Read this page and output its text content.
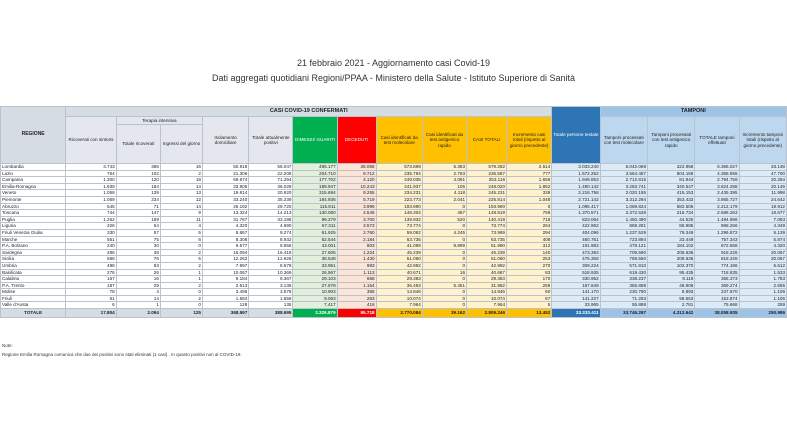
21 febbraio 2021 - Aggiornamento casi Covid-19
Dati aggregati quotidiani Regioni/PPAA - Ministero della Salute - Istituto Superiore di Sanità
REGIONE	CASI COVID-19 CONFERMATI											Totale persone testate	TAMPONI			
	Ricoverati con sintomi	Terapia intensiva		Isolamento domiciliare	Totale attualmente positivi	DIMESSI/ GUARITI	DECEDUTI	Casi identificati da test molecolare	Casi identificati da test antigenico rapido	CASI TOTALI	Incremento casi totali (rispetto al giorno precedente)		Tamponi processati con test molecolare	Tamponi processati con test antigenico rapido	TOTALE tamponi effettuati	Incremento tamponi totali (rispetto al giorno precedente)
		Totale ricoverati	Ingressi del giorno													
Lombardia	3.743	386	16	50.918	55.047	495.177	28.058	573.899	5.383	579.282	2.514	3.033.240	6.042.069	322.958	6.365.027	33.148
Lazio	764	102	2	21.306	22.208	204.710	9.712	235.794	2.793	236.587	777	1.572.252	3.564.487	804.168	4.368.655	47.700
Campania	1.300	120	18	69.874	71.294	177.702	4.120	249.035	4.081	253.116	1.656	1.948.853	2.712.815	81.944	2.794.759	20.254
Emilia-Romagna	1.939	184	14	33.905	36.028	189.947	10.243	241.937	106	248.020	1.852	1.490.142	3.283.741	340.547	3.624.288	20.149
Veneto	1.058	139	13	19.814	20.920	315.694	9.255	234.231	4.118	245.231	339	2.216.758	2.020.155	415.153	2.435.395	11.998
Piemonte	1.059	234	12	33.240	35.239	184.936	5.719	223.773	2.041	225.814	1.048	2.721.142	3.312.294	353.433	3.865.727	24.642
Abruzzo	545	71	14	26.192	29.720	115.811	3.999	193.990	0	193.990	0	1.095.417	1.069.824	582.505	2.212.179	19.912
Toscana	744	147	9	13.324	14.213	130.060	4.546	148.304	467	148.819	758	1.370.571	2.372.528	215.734	2.588.263	18.677
Puglia	1.262	169	11	31.767	33.198	99.279	3.700	139.932	520	140.419	718	823.064	1.450.490	44.525	1.494.986	7.083
Liguria	326	54	4	4.320	4.690	67.311	3.573	73.774	0	73.774	264	422.962	869.281	85.985	968.266	4.349
Friuli Venezia Giulia	330	57	5	8.867	9.274	61.925	2.760	59.062	4.245	73.969	294	404.096	1.237.529	79.349	1.296.872	5.139
Marche	551	75	6	8.306	8.932	62.544	2.184	63.735	0	63.735	408	460.761	723.894	33.449	757.343	5.874
P.A. Bolzano	240	30	0	9.577	9.858	43.001	803	41.099	9.899	51.990	312	191.983	478.121	184.102	672.568	4.320
Sardegna	286	38	2	16.094	16.418	27.605	1.224	45.239	0	45.239	140	473.393	709.590	208.636	918.226	20.067
Sicilia	588	76	5	12.262	12.926	38.548	1.430	51.060	0	51.060	253	475.358	769.550	208.636	818.228	20.067
Umbria	498	83	2	7.997	8.578	33.951	983	42.992	0	42.992	270	309.224	571.810	102.370	774.186	5.612
Basilicata	276	26	1	10.067	10.369	26.567	1.113	40.671	16	40.687	83	518.935	619.430	95.435	718.835	1.533
Calabria	167	16	1	9.184	9.367	29.103	668	29.383	0	29.383	170	330.952	338.237	9.119	365.373	1.783
P.A. Trento	187	29	2	2.513	3.135	27.679	1.154	36.493	5.451	31.982	259	187.649	365.888	48.906	369.274	2.655
Molise	78	4	0	3.496	3.578	10.903	365	14.846	0	14.846	60	141.170	230.780	8.893	237.670	1.106
Friuli	61	14	2	1.584	1.659	9.063	263	10.074	0	10.074	67	141.227	71.263	58.653	153.874	1.106
Valle d'Aosta	6	1	0	128	135	7.417	416	7.964	0	7.964	5	33.965	55.888	2.781	75.668	259
TOTALE	17.804	2.094	125	368.597	388.695	2.326.879	95.718	2.770.084	39.162	2.809.246	13.452	33.333.411	33.746.297	4.312.642	38.058.935	250.986
Note:
Regione Emilia Romagna comunica che due dei positivi sono stati eliminati (1 casi) . In quanto positivi non al COVID-19.
